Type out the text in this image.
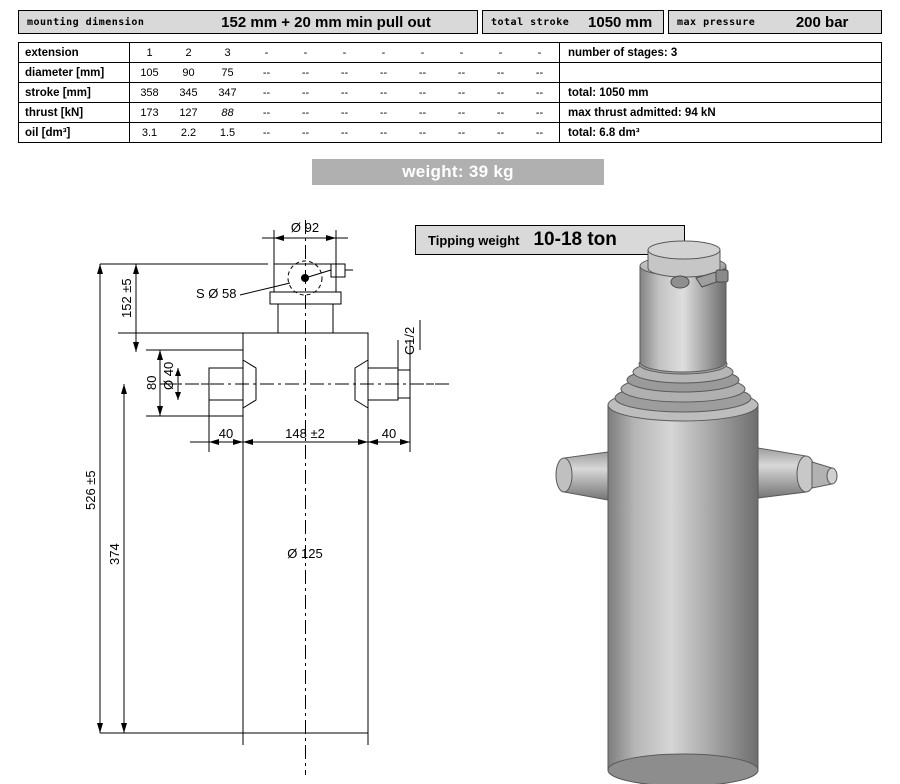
mounting dimension	152 mm + 20 mm min pull out	total stroke	1050 mm	max pressure	200 bar
extension	1	2	3	-	-	-	-	-	-	-	-	number of stages: 3
diameter [mm]	105	90	75	--	--	--	--	--	--	--	--	
stroke [mm]	358	345	347	--	--	--	--	--	--	--	--	total: 1050 mm
thrust [kN]	173	127	88	--	--	--	--	--	--	--	--	max thrust admitted: 94 kN
oil [dm³]	3.1	2.2	1.5	--	--	--	--	--	--	--	--	total: 6.8 dm³
weight: 39 kg
Tipping weight 10-18 ton
Ø 92
S Ø 58
G1/2
Ø 40
152 ±5
80
40	148 ±2	40
Ø 125
526 ±5
374
